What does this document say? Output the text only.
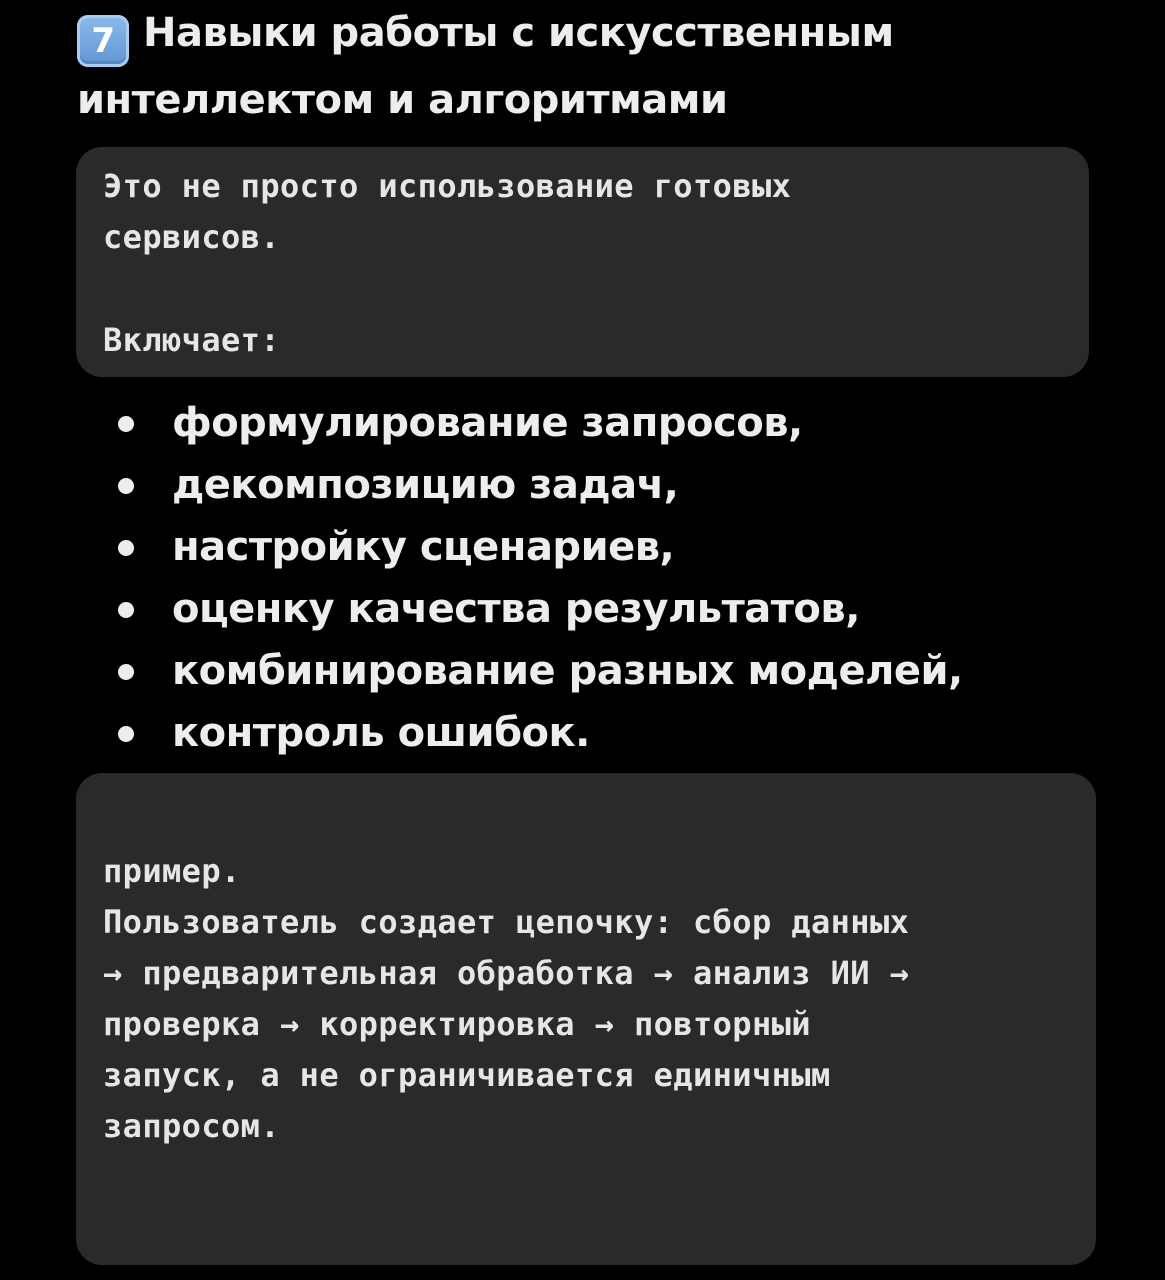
7 Навыки работы с искусственным
интеллектом и алгоритмами
Это не просто использование готовых
сервисов.
Включает:
формулирование запросов,
декомпозицию задач,
настройку сценариев,
оценку качества результатов,
комбинирование разных моделей,
контроль ошибок.
пример.
Пользователь создает цепочку: сбор данных
→ предварительная обработка → анализ ИИ →
проверка → корректировка → повторный
запуск, а не ограничивается единичным
запросом.
